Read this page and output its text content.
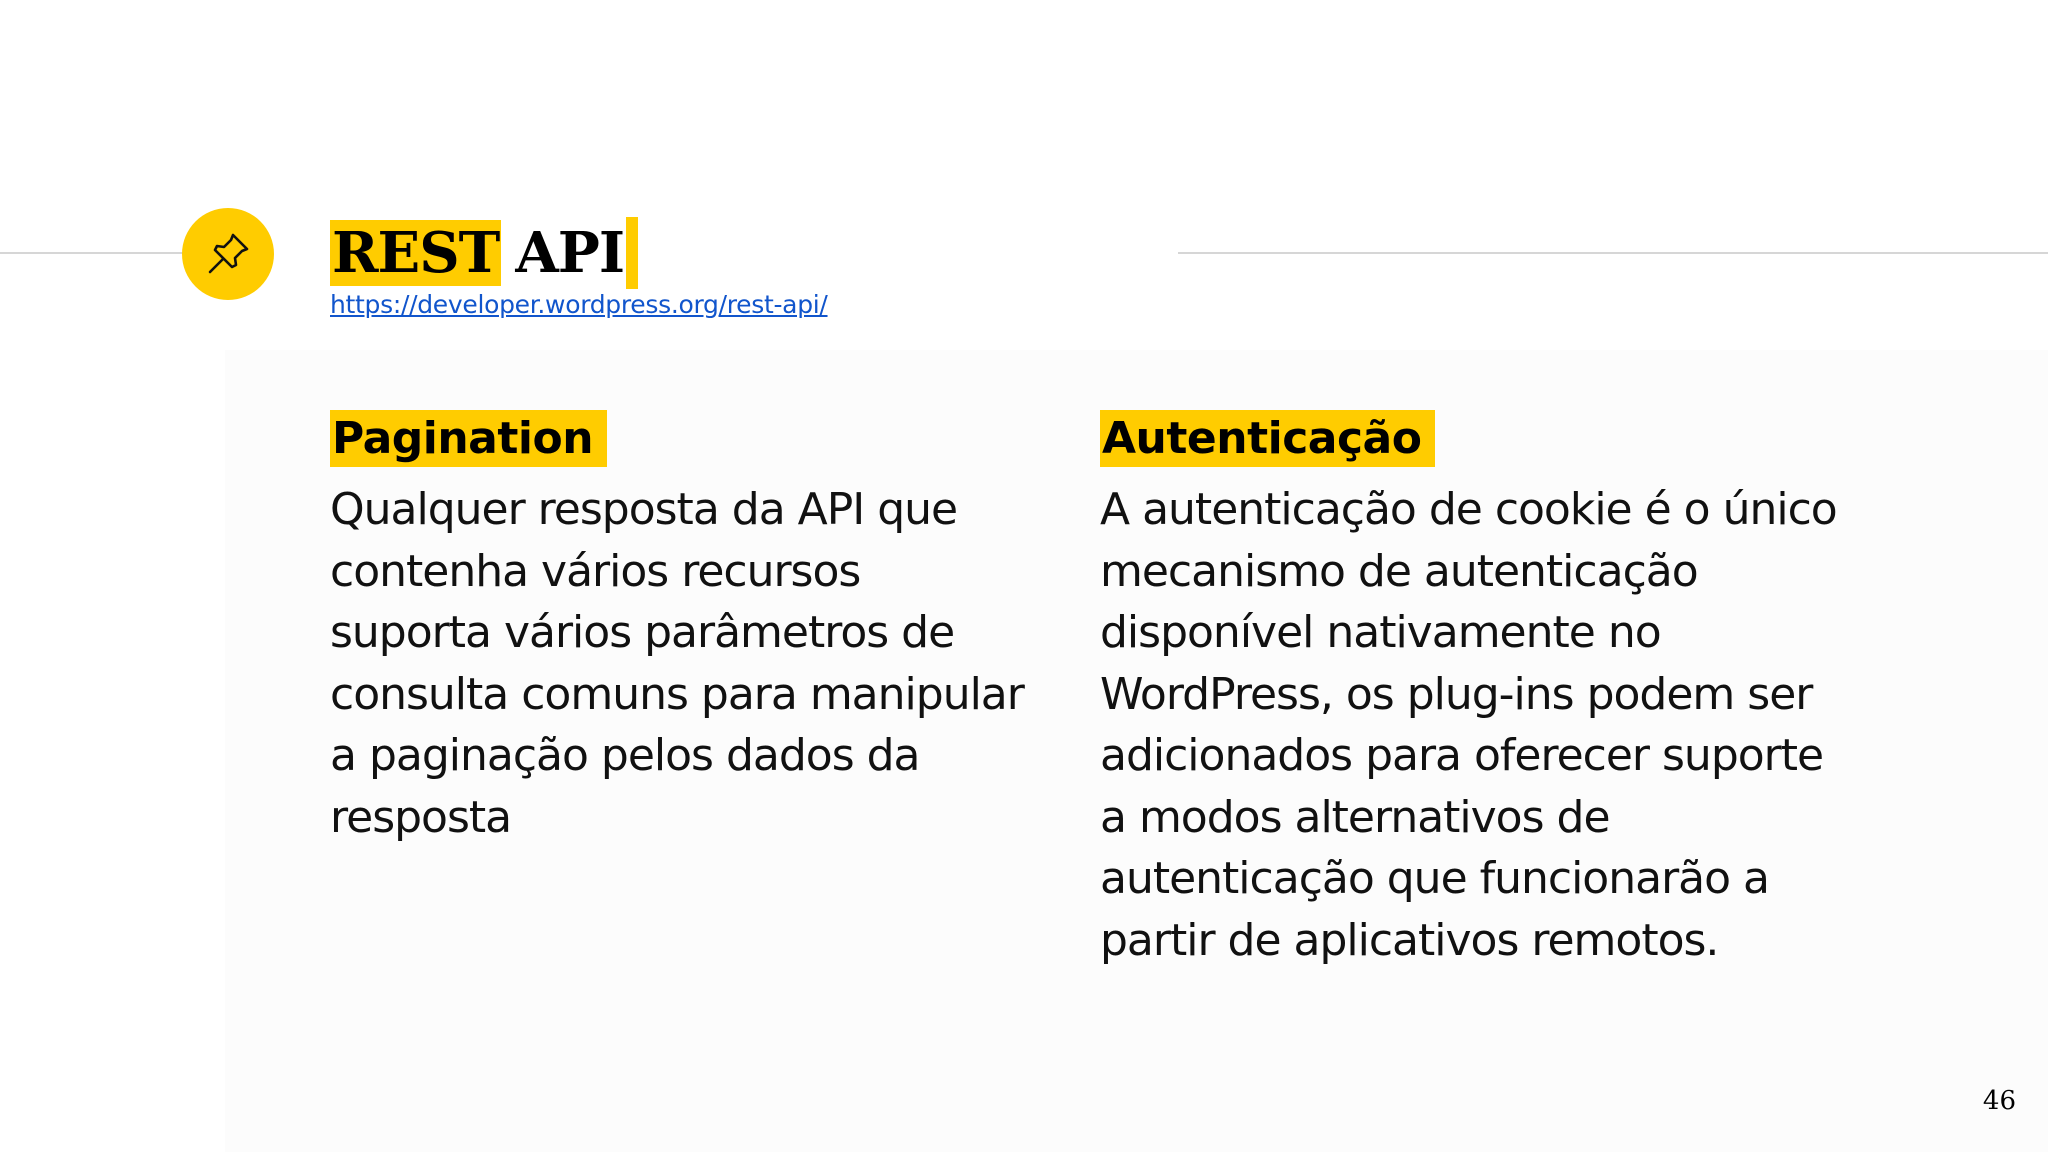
REST API
https://developer.wordpress.org/rest-api/
Pagination

Qualquer resposta da API que
contenha vários recursos
suporta vários parâmetros de
consulta comuns para manipular
a paginação pelos dados da
resposta

Autenticação

A autenticação de cookie é o único
mecanismo de autenticação
disponível nativamente no
WordPress, os plug-ins podem ser
adicionados para oferecer suporte
a modos alternativos de
autenticação que funcionarão a
partir de aplicativos remotos.

46
